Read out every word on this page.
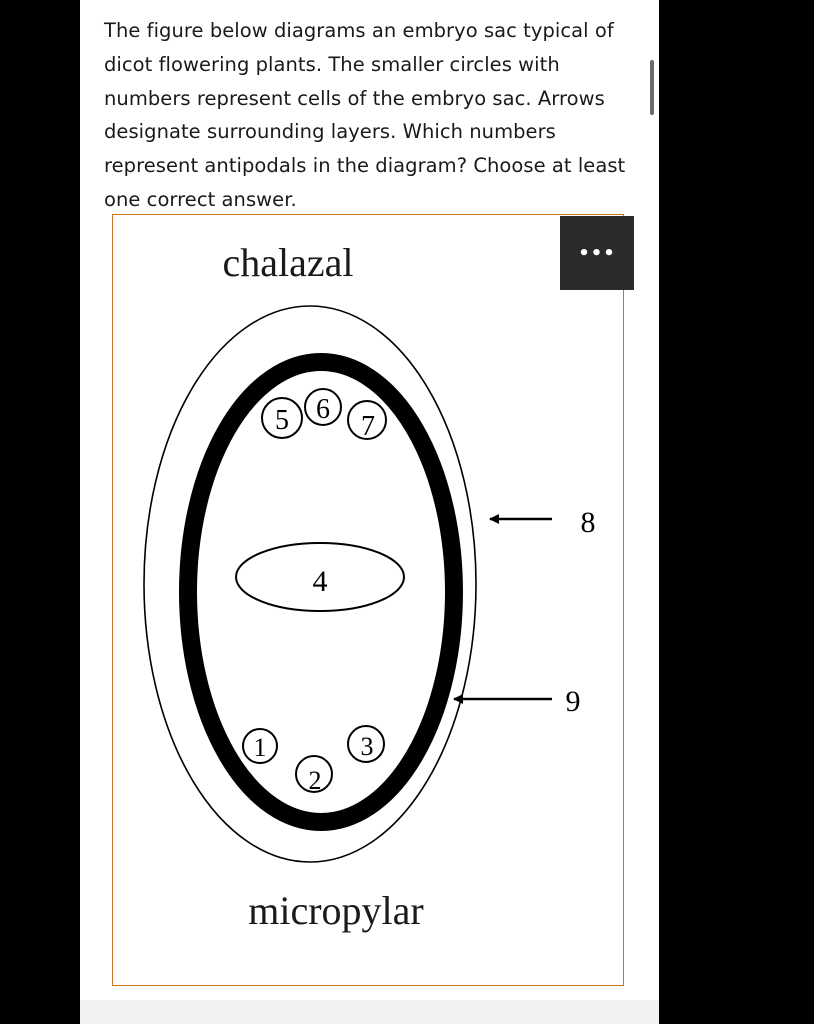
The figure below diagrams an embryo sac typical of
dicot flowering plants. The smaller circles with
numbers represent cells of the embryo sac. Arrows
designate surrounding layers. Which numbers
represent antipodals in the diagram? Choose at least
one correct answer.
chalazal
5 6
7
4
1
2
3
8
9
micropylar
•••
